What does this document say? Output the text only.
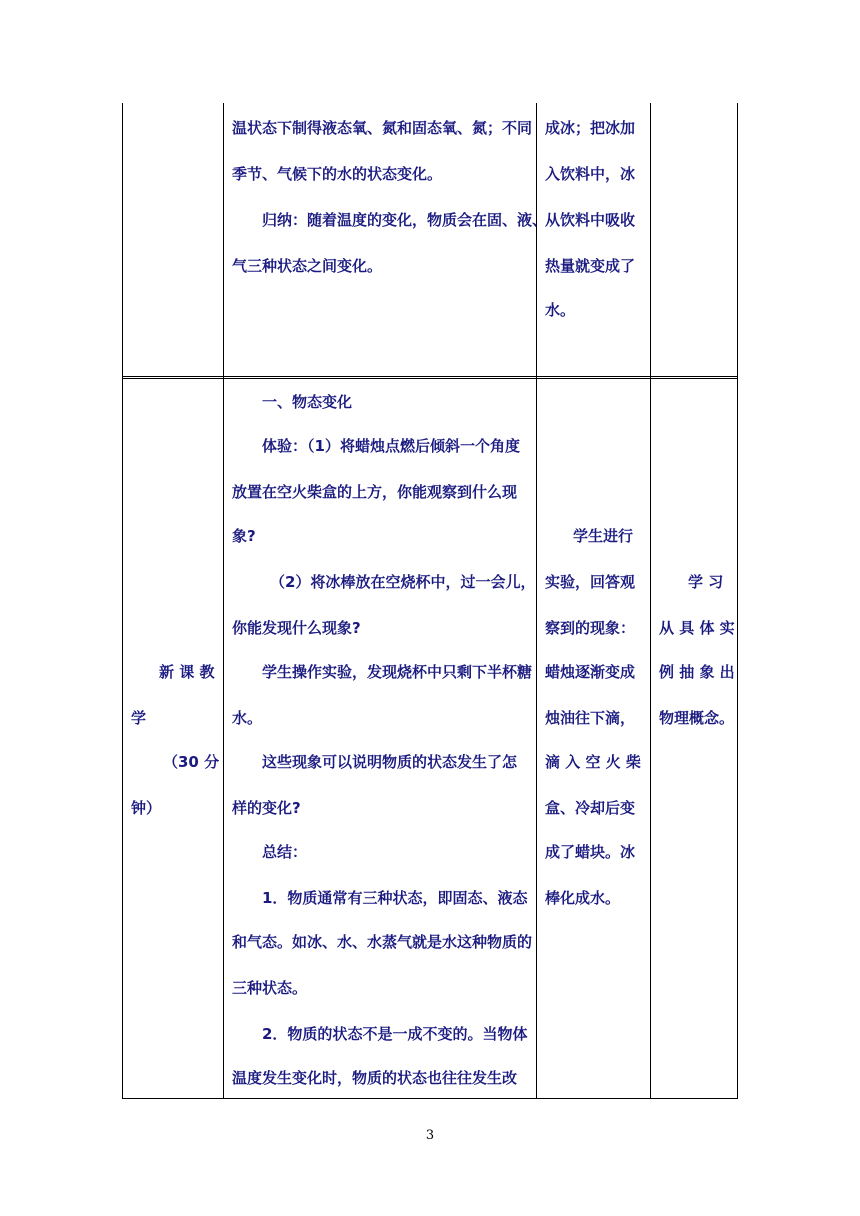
温状态下制得液态氧、氮和固态氧、氮；不同
季节、气候下的水的状态变化。
归纳：随着温度的变化，物质会在固、液、
气三种状态之间变化。
成冰；把冰加
入饮料中，冰
从饮料中吸收
热量就变成了
水。
新 课 教
学
（30 分
钟）
一、物态变化
体验：（1）将蜡烛点燃后倾斜一个角度
放置在空火柴盒的上方，你能观察到什么现
象?
（2）将冰棒放在空烧杯中，过一会儿，
你能发现什么现象?
学生操作实验，发现烧杯中只剩下半杯糖
水。
这些现象可以说明物质的状态发生了怎
样的变化?
总结：
1．物质通常有三种状态，即固态、液态
和气态。如冰、水、水蒸气就是水这种物质的
三种状态。
2．物质的状态不是一成不变的。当物体
温度发生变化时，物质的状态也往往发生改
学生进行
实验，回答观
察到的现象：
蜡烛逐渐变成
烛油往下滴，
滴 入 空 火 柴
盒、冷却后变
成了蜡块。冰
棒化成水。
学 习
从 具 体 实
例 抽 象 出
物理概念。
3
